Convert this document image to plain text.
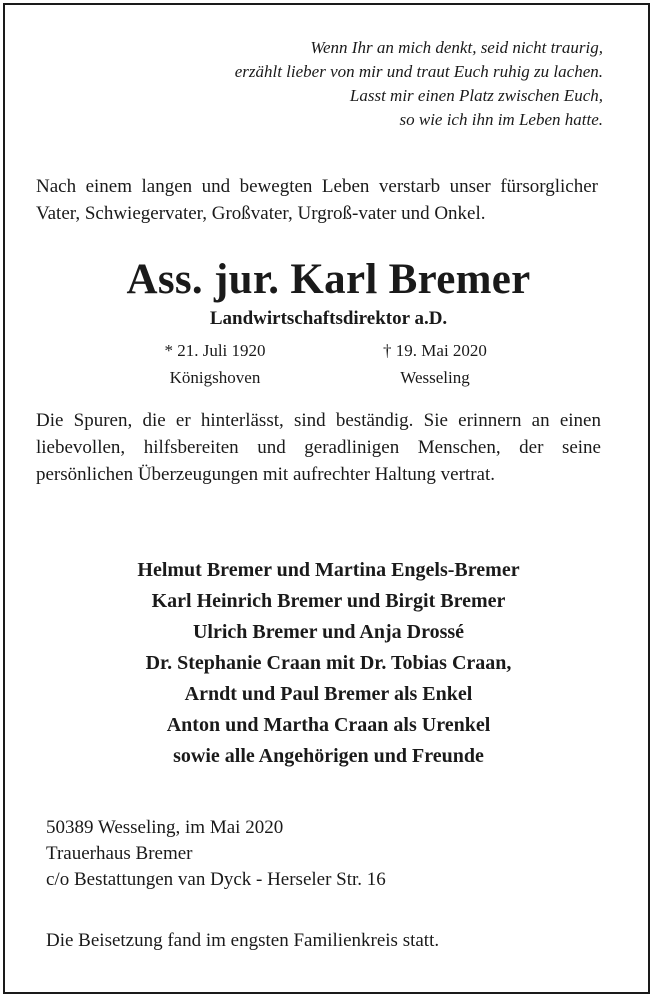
Wenn Ihr an mich denkt, seid nicht traurig,
erzählt lieber von mir und traut Euch ruhig zu lachen.
Lasst mir einen Platz zwischen Euch,
so wie ich ihn im Leben hatte.
Nach einem langen und bewegten Leben verstarb unser fürsorglicher Vater, Schwiegervater, Großvater, Urgroß-vater und Onkel.
Ass. jur. Karl Bremer
Landwirtschaftsdirektor a.D.
* 21. Juli 1920
Königshoven
† 19. Mai 2020
Wesseling
Die Spuren, die er hinterlässt, sind beständig. Sie erinnern an einen liebevollen, hilfsbereiten und geradlinigen Menschen, der seine persönlichen Überzeugungen mit aufrechter Haltung vertrat.
Helmut Bremer und Martina Engels-Bremer
Karl Heinrich Bremer und Birgit Bremer
Ulrich Bremer und Anja Drossé
Dr. Stephanie Craan mit Dr. Tobias Craan,
Arndt und Paul Bremer als Enkel
Anton und Martha Craan als Urenkel
sowie alle Angehörigen und Freunde
50389 Wesseling, im Mai 2020
Trauerhaus Bremer
c/o Bestattungen van Dyck - Herseler Str. 16
Die Beisetzung fand im engsten Familienkreis statt.
